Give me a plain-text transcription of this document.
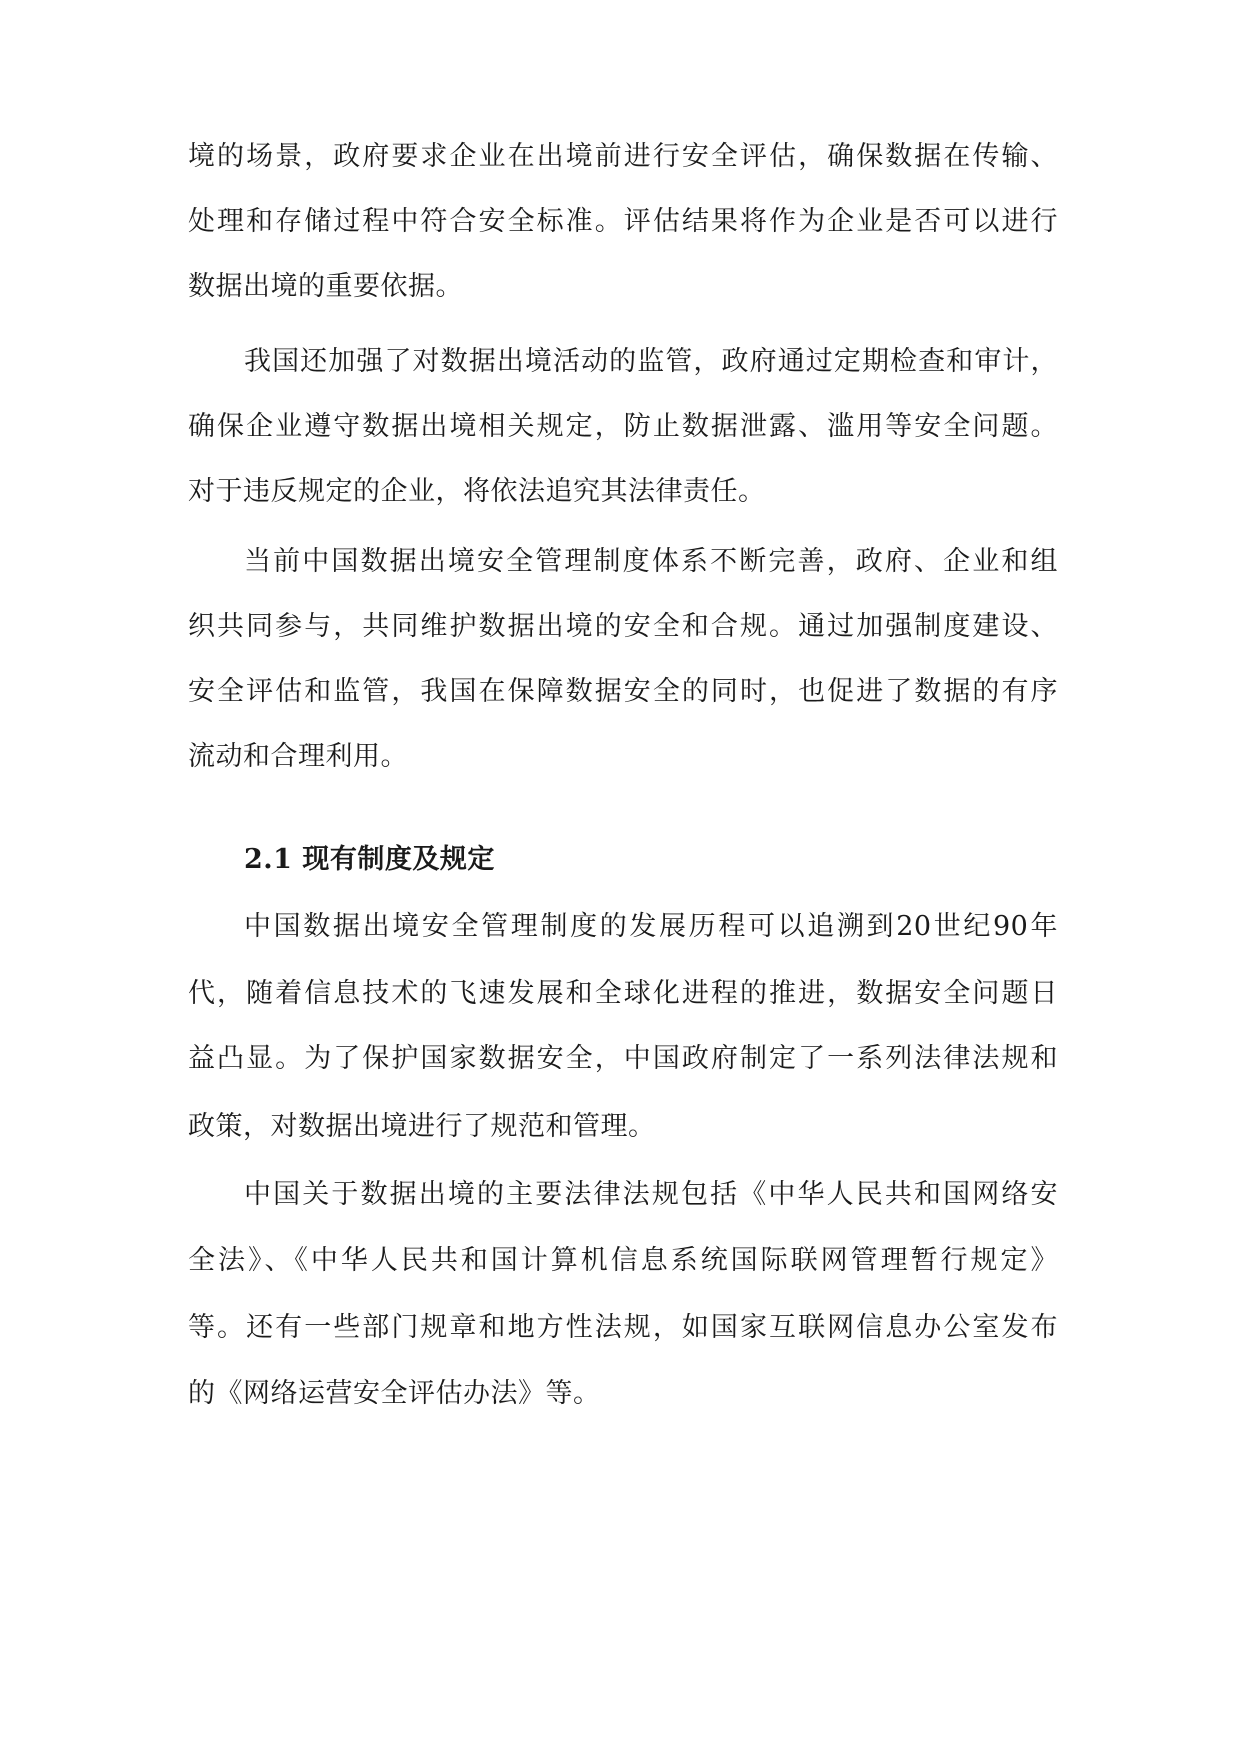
境的场景，政府要求企业在出境前进行安全评估，确保数据在传输、
处理和存储过程中符合安全标准。评估结果将作为企业是否可以进行
数据出境的重要依据。
我国还加强了对数据出境活动的监管，政府通过定期检查和审计，
确保企业遵守数据出境相关规定，防止数据泄露、滥用等安全问题。
对于违反规定的企业，将依法追究其法律责任。
当前中国数据出境安全管理制度体系不断完善，政府、企业和组
织共同参与，共同维护数据出境的安全和合规。通过加强制度建设、
安全评估和监管，我国在保障数据安全的同时，也促进了数据的有序
流动和合理利用。
2.1 现有制度及规定
中国数据出境安全管理制度的发展历程可以追溯到20世纪90年
代，随着信息技术的飞速发展和全球化进程的推进，数据安全问题日
益凸显。为了保护国家数据安全，中国政府制定了一系列法律法规和
政策，对数据出境进行了规范和管理。
中国关于数据出境的主要法律法规包括《中华人民共和国网络安
全法》、《中华人民共和国计算机信息系统国际联网管理暂行规定》
等。还有一些部门规章和地方性法规，如国家互联网信息办公室发布
的《网络运营安全评估办法》等。
